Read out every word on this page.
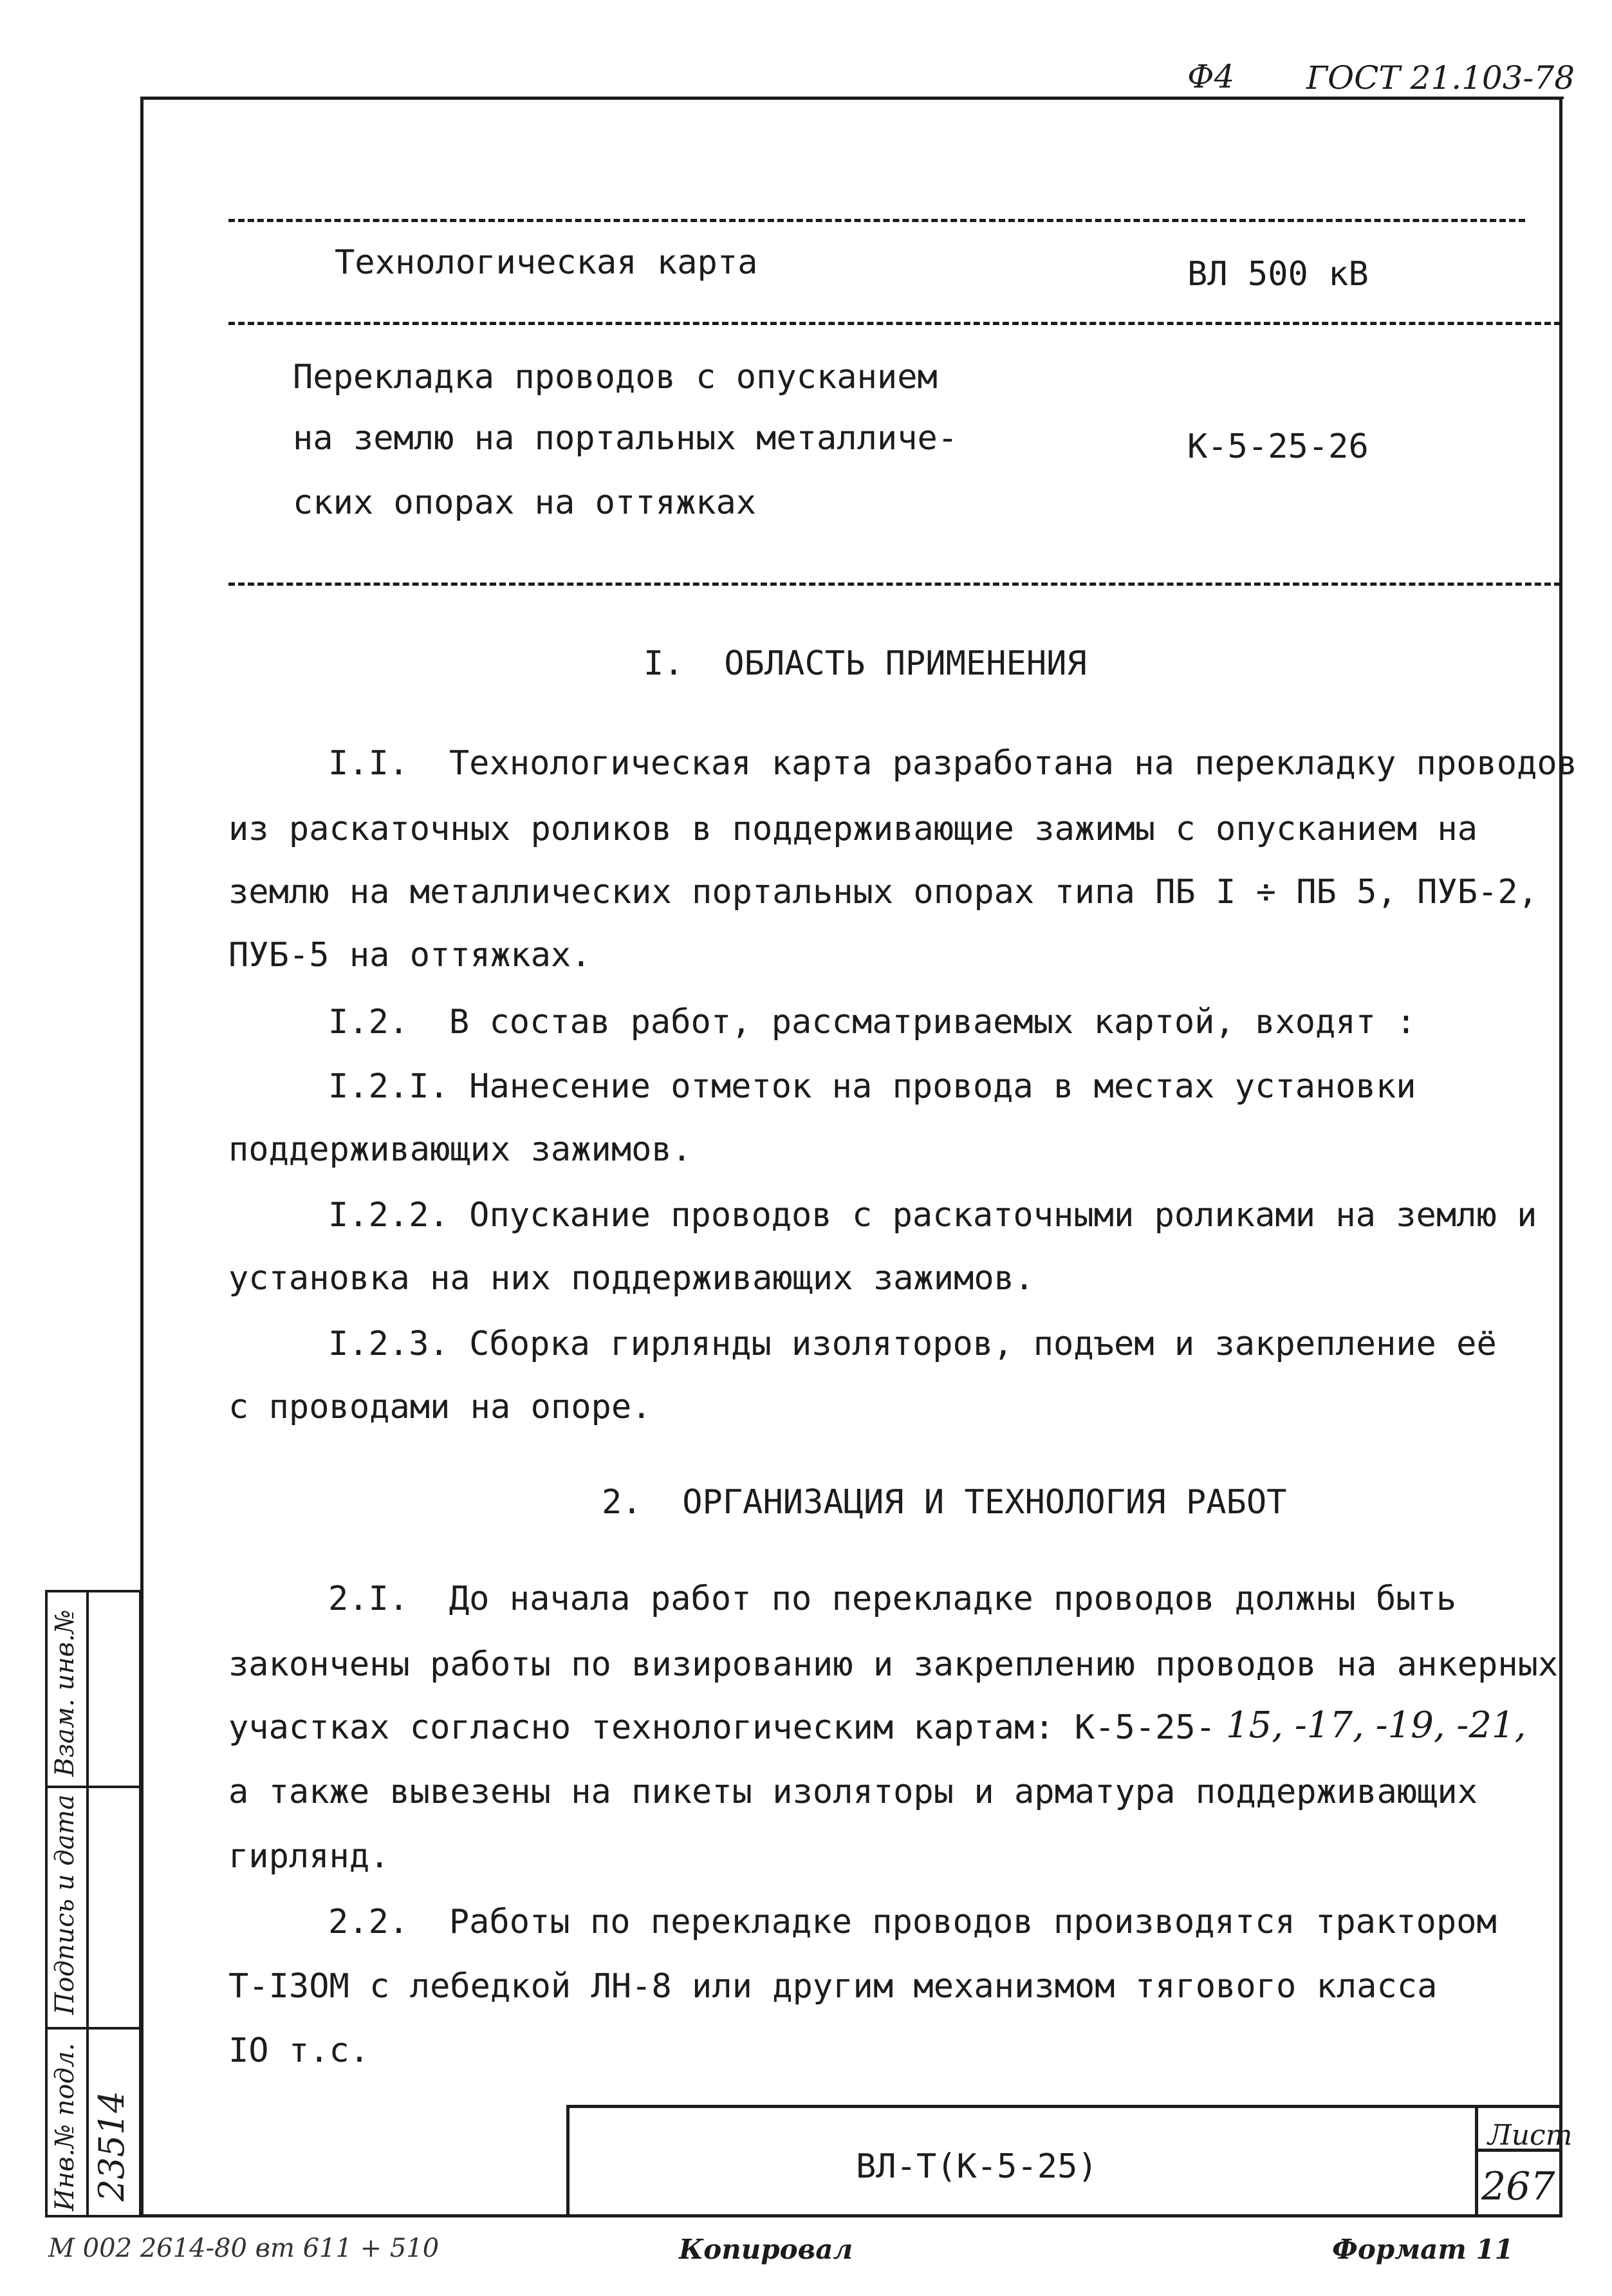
Ф4 ГОСТ 21.103-78
Технологическая карта	ВЛ 500 кВ
Перекладка проводов с опусканием
на землю на портальных металличе-
ских опорах на оттяжках
К-5-25-26
I.  ОБЛАСТЬ ПРИМЕНЕНИЯ
I.I.  Технологическая карта разработана на перекладку проводов
из раскаточных роликов в поддерживающие зажимы с опусканием на
землю на металлических портальных опорах типа ПБ I ÷ ПБ 5, ПУБ-2,
ПУБ-5 на оттяжках.
I.2.  В состав работ, рассматриваемых картой, входят :
I.2.I. Нанесение отметок на провода в местах установки
поддерживающих зажимов.
I.2.2. Опускание проводов с раскаточными роликами на землю и
установка на них поддерживающих зажимов.
I.2.3. Сборка гирлянды изоляторов, подъем и закрепление её
с проводами на опоре.
2.  ОРГАНИЗАЦИЯ И ТЕХНОЛОГИЯ РАБОТ
2.I.  До начала работ по перекладке проводов должны быть
закончены работы по визированию и закреплению проводов на анкерных
участках согласно технологическим картам: К-5-25- 15, -17, -19, -21,
а также вывезены на пикеты изоляторы и арматура поддерживающих
гирлянд.
2.2.  Работы по перекладке проводов производятся трактором
Т-I3OM с лебедкой ЛН-8 или другим механизмом тягового класса
IO т.с.
Взам. инв.№
Подпись и дата
Инв.№ подл. 23514	ВЛ-Т(К-5-25)
Лист
267
М 002 2614-80 вт 611 + 510	Копировал	Формат 11
